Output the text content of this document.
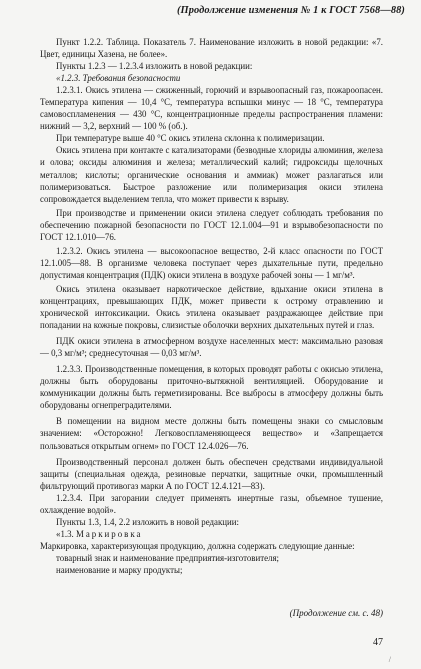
(Продолжение изменения № 1 к ГОСТ 7568—88)

Пункт 1.2.2. Таблица. Показатель 7. Наименование изложить в новой редакции: «7. Цвет, единицы Хазена, не более».

Пункты 1.2.3 — 1.2.3.4 изложить в новой редакции:

«1.2.3. Требования безопасности

1.2.3.1. Окись этилена — сжиженный, горючий и взрывоопасный газ, пожароопасен. Температура кипения — 10,4 °С, температура вспышки минус — 18 °С, температура самовоспламенения — 430 °С, концентрационные пределы распространения пламени: нижний — 3,2, верхний — 100 % (об.).

При температуре выше 40 °С окись этилена склонна к полимеризации.

Окись этилена при контакте с катализаторами (безводные хлориды алюминия, железа и олова; оксиды алюминия и железа; металлический калий; гидроксиды щелочных металлов; кислоты; органические основания и аммиак) может разлагаться или полимеризоваться. Быстрое разложение или полимеризация окиси этилена сопровождается выделением тепла, что может привести к взрыву.

При производстве и применении окиси этилена следует соблюдать требования по обеспечению пожарной безопасности по ГОСТ 12.1.004—91 и взрывобезопасности по ГОСТ 12.1.010—76.

1.2.3.2. Окись этилена — высокоопасное вещество, 2-й класс опасности по ГОСТ 12.1.005—88. В организме человека поступает через дыхательные пути, предельно допустимая концентрация (ПДК) окиси этилена в воздухе рабочей зоны — 1 мг/м³.

Окись этилена оказывает наркотическое действие, вдыхание окиси этилена в концентрациях, превышающих ПДК, может привести к острому отравлению и хронической интоксикации. Окись этилена оказывает раздражающее действие при попадании на кожные покровы, слизистые оболочки верхних дыхательных путей и глаз.

ПДК окиси этилена в атмосферном воздухе населенных мест: максимально разовая — 0,3 мг/м³; среднесуточная — 0,03 мг/м³.

1.2.3.3. Производственные помещения, в которых проводят работы с окисью этилена, должны быть оборудованы приточно-вытяжной вентиляцией. Оборудование и коммуникации должны быть герметизированы. Все выбросы в атмосферу должны быть оборудованы огнепреградителями.

В помещении на видном месте должны быть помещены знаки со смысловым значением: «Осторожно! Легковоспламеняющееся вещество» и «Запрещается пользоваться открытым огнем» по ГОСТ 12.4.026—76.

Производственный персонал должен быть обеспечен средствами индивидуальной защиты (специальная одежда, резиновые перчатки, защитные очки, промышленный фильтрующий противогаз марки А по ГОСТ 12.4.121—83).

1.2.3.4. При загорании следует применять инертные газы, объемное тушение, охлаждение водой».

Пункты 1.3, 1.4, 2.2 изложить в новой редакции:

«1.3. Маркировка

Маркировка, характеризующая продукцию, должна содержать следующие данные:

товарный знак и наименование предприятия-изготовителя;

наименование и марку продукты;

(Продолжение см. с. 48)
47
/
